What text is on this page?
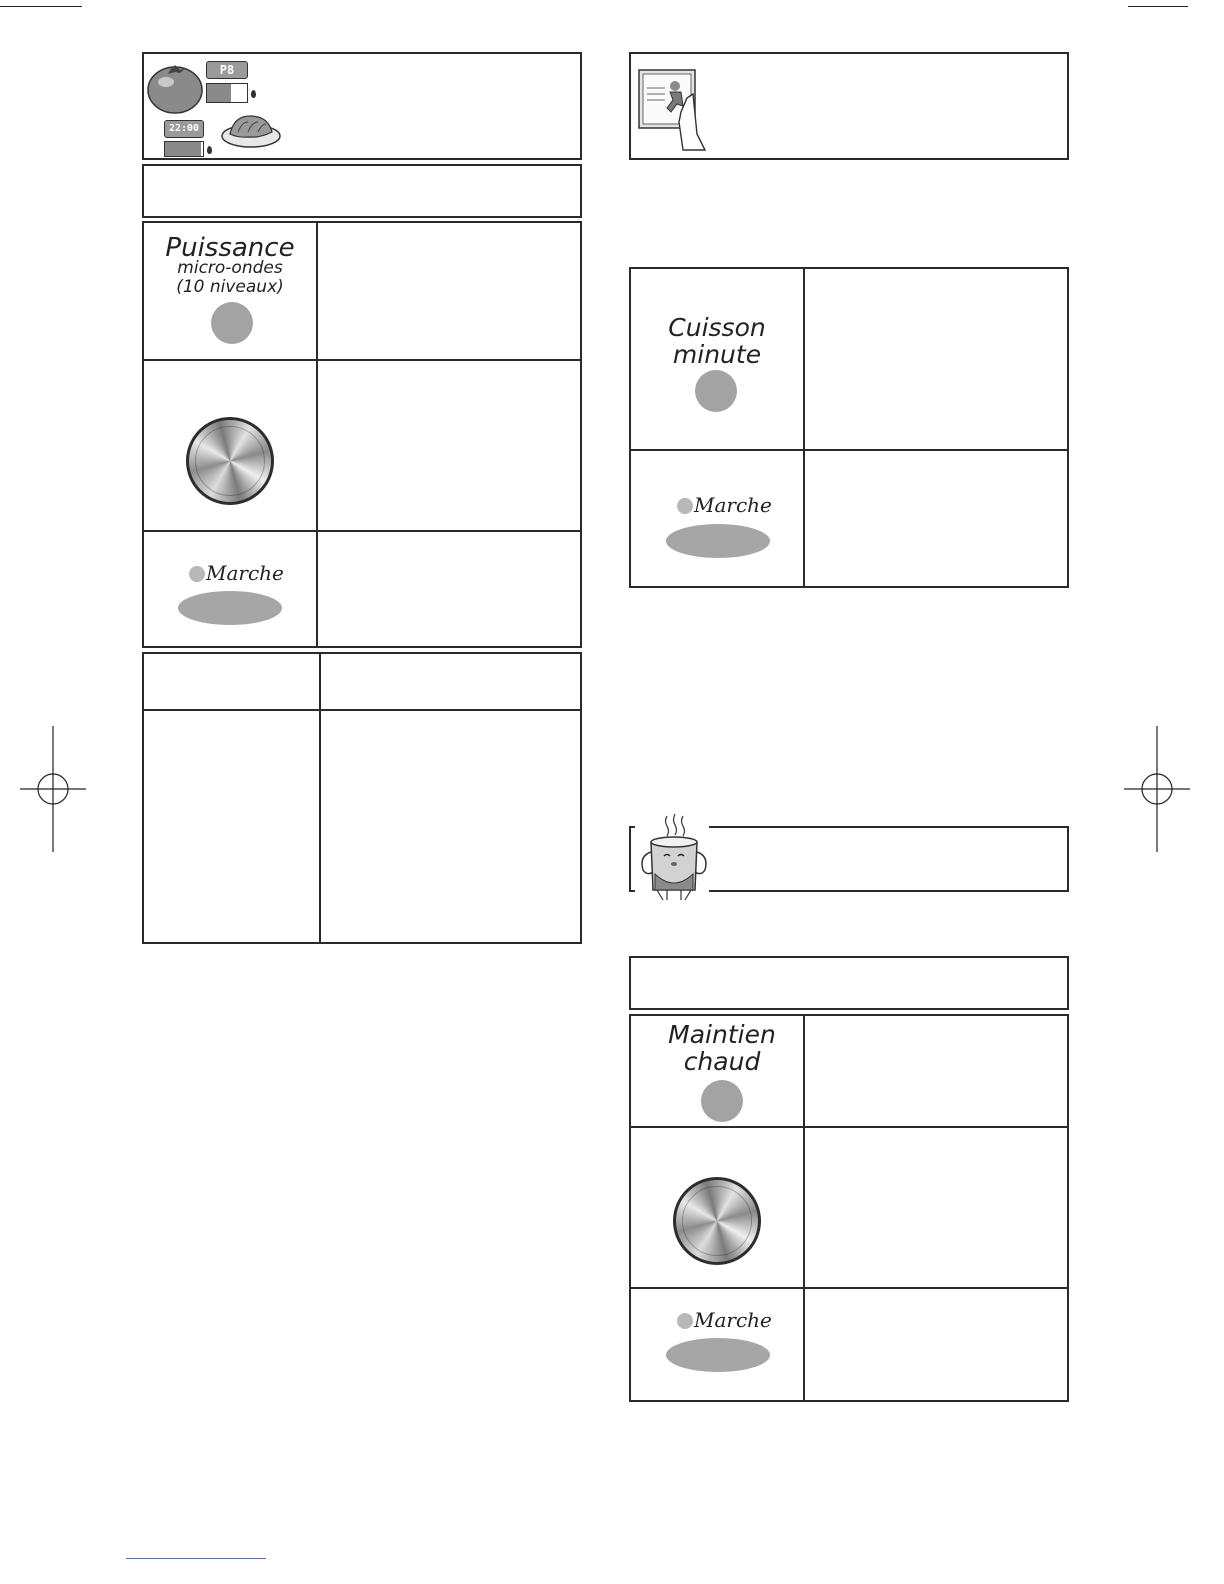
P8
22:00
Puissance
micro-ondes
(10 niveaux)
Marche
Cuisson
minute
Marche
Maintien
chaud
Marche
